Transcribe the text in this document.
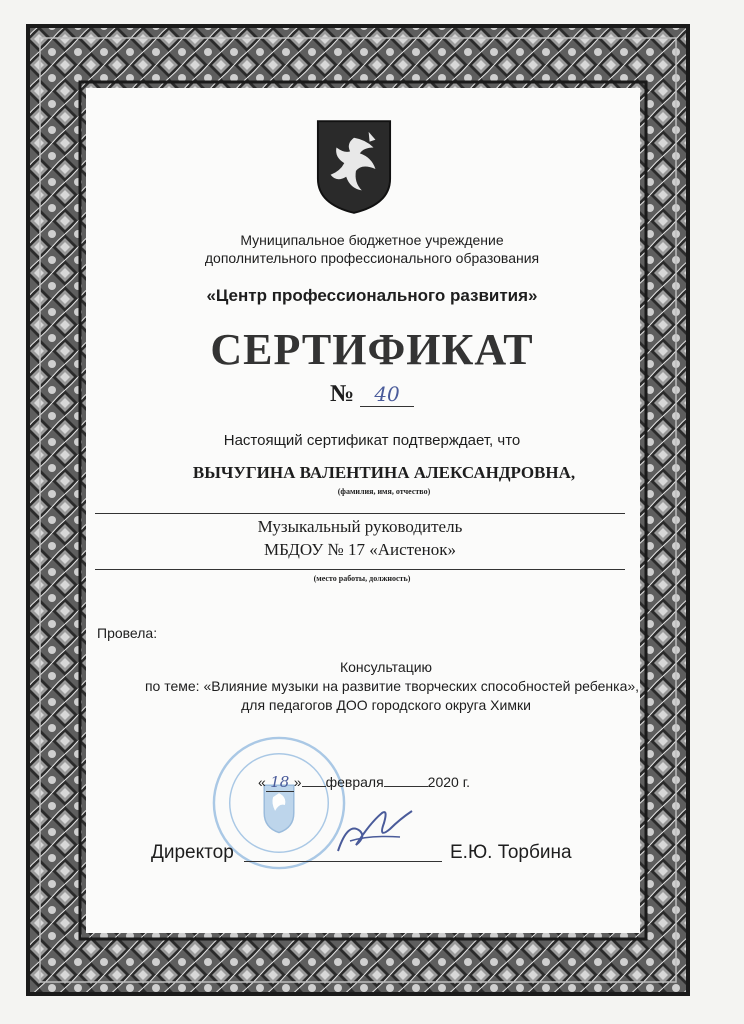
Муниципальное бюджетное учреждение
дополнительного профессионального образования
«Центр профессионального развития»
СЕРТИФИКАТ
№ 40
Настоящий сертификат подтверждает, что
ВЫЧУГИНА ВАЛЕНТИНА АЛЕКСАНДРОВНА,
(фамилия, имя, отчество)
Музыкальный руководитель
МБДОУ № 17 «Аистенок»
(место работы, должность)
Провела:
Консультацию
по теме: «Влияние музыки на развитие творческих способностей ребенка»,
для педагогов ДОО городского округа Химки
« 18 » февраля	2020 г.
Директор	Е.Ю. Торбина
